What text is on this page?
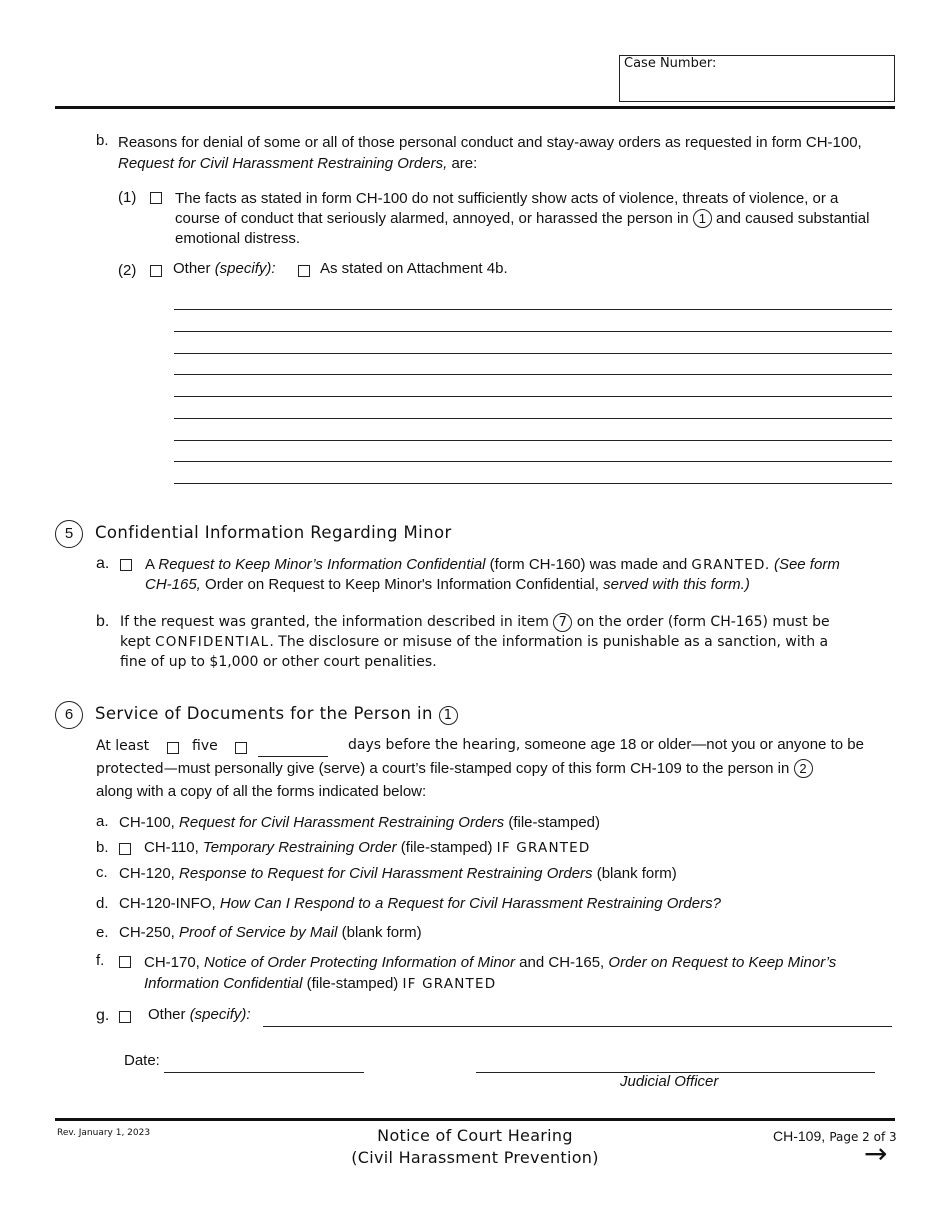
Case Number:
b. Reasons for denial of some or all of those personal conduct and stay-away orders as requested in form CH-100,
Request for Civil Harassment Restraining Orders, are:
(1)	The facts as stated in form CH-100 do not sufficiently show acts of violence, threats of violence, or a
course of conduct that seriously alarmed, annoyed, or harassed the person in 1 and caused substantial
emotional distress.
(2) Other (specify):	As stated on Attachment 4b.
5	Confidential Information Regarding Minor
a. A Request to Keep Minor’s Information Confidential (form CH-160) was made and GRANTED. (See form
CH-165, Order on Request to Keep Minor's Information Confidential, served with this form.)
b. If the request was granted, the information described in item 7 on the order (form CH-165) must be
kept CONFIDENTIAL. The disclosure or misuse of the information is punishable as a sanction, with a
fine of up to $1,000 or other court penalities.
6	Service of Documents for the Person in 1
At least	five	days before the hearing, someone age 18 or older—not you or anyone to be
protected—must personally give (serve) a court’s file-stamped copy of this form CH-109 to the person in 2
along with a copy of all the forms indicated below:
a. CH-100, Request for Civil Harassment Restraining Orders (file-stamped)
b. CH-110, Temporary Restraining Order (file-stamped) IF GRANTED
c. CH-120, Response to Request for Civil Harassment Restraining Orders (blank form)
d. CH-120-INFO, How Can I Respond to a Request for Civil Harassment Restraining Orders?
e. CH-250, Proof of Service by Mail (blank form)
f.	CH-170, Notice of Order Protecting Information of Minor and CH-165, Order on Request to Keep Minor’s
Information Confidential (file-stamped) IF GRANTED
g.	Other (specify):
Date:
Judicial Officer
Rev. January 1, 2023	Notice of Court Hearing
(Civil Harassment Prevention)
CH-109, Page 2 of 3
→
